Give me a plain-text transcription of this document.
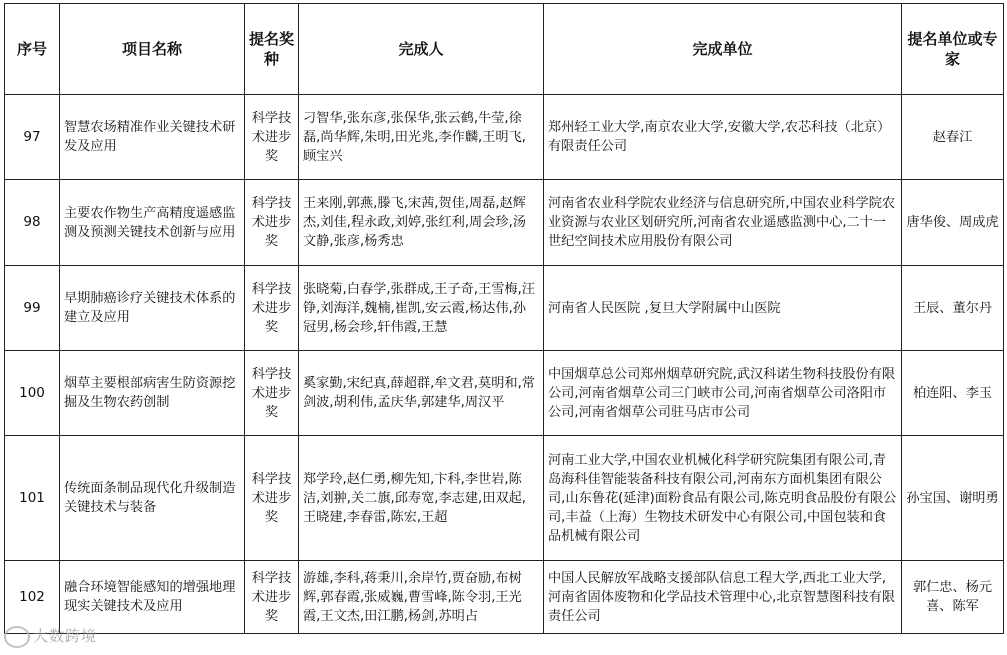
序号	项目名称	提名奖种	完成人	完成单位	提名单位或专家
97	智慧农场精准作业关键技术研发及应用	科学技术进步奖	刁智华,张东彦,张保华,张云鹤,牛莹,徐磊,尚华辉,朱明,田光兆,李作麟,王明飞,顾宝兴	郑州轻工业大学,南京农业大学,安徽大学,农芯科技（北京）有限责任公司	赵春江
98	主要农作物生产高精度遥感监测及预测关键技术创新与应用	科学技术进步奖	王来刚,郭燕,滕飞,宋茜,贺佳,周磊,赵辉杰,刘佳,程永政,刘婷,张红利,周会珍,汤文静,张彦,杨秀忠	河南省农业科学院农业经济与信息研究所,中国农业科学院农业资源与农业区划研究所,河南省农业遥感监测中心,二十一世纪空间技术应用股份有限公司	唐华俊、周成虎
99	早期肺癌诊疗关键技术体系的建立及应用	科学技术进步奖	张晓菊,白春学,张群成,王子奇,王雪梅,汪铮,刘海洋,魏楠,崔凯,安云霞,杨达伟,孙冠男,杨会珍,轩伟霞,王慧	河南省人民医院 ,复旦大学附属中山医院	王辰、董尔丹
100	烟草主要根部病害生防资源挖掘及生物农药创制	科学技术进步奖	奚家勤,宋纪真,薛超群,牟文君,莫明和,常剑波,胡利伟,孟庆华,郭建华,周汉平	中国烟草总公司郑州烟草研究院,武汉科诺生物科技股份有限公司,河南省烟草公司三门峡市公司,河南省烟草公司洛阳市公司,河南省烟草公司驻马店市公司	柏连阳、李玉
101	传统面条制品现代化升级制造关键技术与装备	科学技术进步奖	郑学玲,赵仁勇,柳先知,卞科,李世岩,陈洁,刘翀,关二旗,邱寿宽,李志建,田双起,王晓建,李春雷,陈宏,王超	河南工业大学,中国农业机械化科学研究院集团有限公司,青岛海科佳智能装备科技有限公司,河南东方面机集团有限公司,山东鲁花(延津)面粉食品有限公司,陈克明食品股份有限公司,丰益（上海）生物技术研发中心有限公司,中国包装和食品机械有限公司	孙宝国、谢明勇
102	融合环境智能感知的增强地理现实关键技术及应用	科学技术进步奖	游雄,李科,蒋秉川,余岸竹,贾奋励,布树辉,郭春霞,张威巍,曹雪峰,陈令羽,王光霞,王文杰,田江鹏,杨剑,苏明占	中国人民解放军战略支援部队信息工程大学,西北工业大学,河南省固体废物和化学品技术管理中心,北京智慧图科技有限责任公司	郭仁忠、杨元喜、陈军
大数跨境
